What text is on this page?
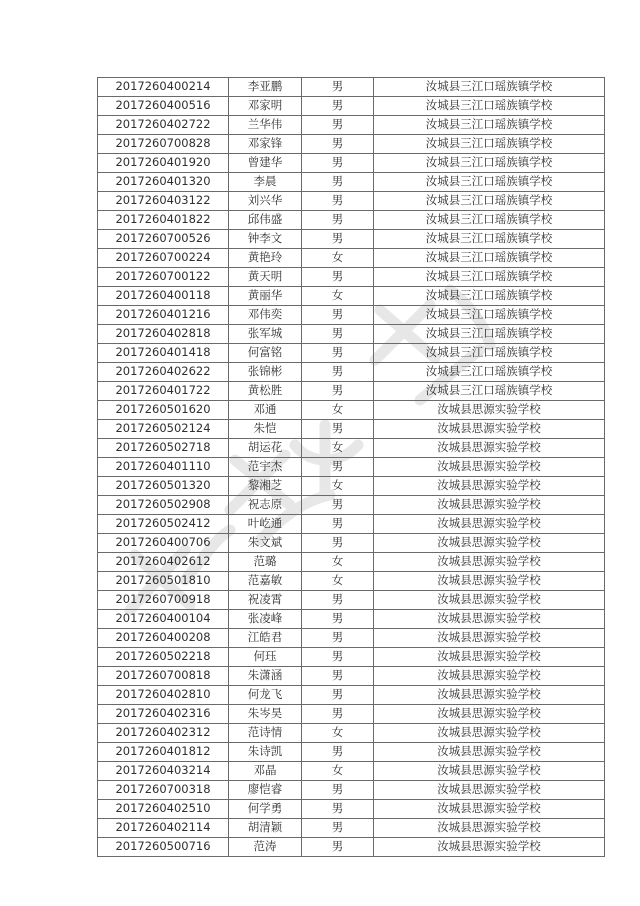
2017260400214	李亚鹏	男	汝城县三江口瑶族镇学校
2017260400516	邓家明	男	汝城县三江口瑶族镇学校
2017260402722	兰华伟	男	汝城县三江口瑶族镇学校
2017260700828	邓家锋	男	汝城县三江口瑶族镇学校
2017260401920	曾建华	男	汝城县三江口瑶族镇学校
2017260401320	李晨	男	汝城县三江口瑶族镇学校
2017260403122	刘兴华	男	汝城县三江口瑶族镇学校
2017260401822	邱伟盛	男	汝城县三江口瑶族镇学校
2017260700526	钟李文	男	汝城县三江口瑶族镇学校
2017260700224	黄艳玲	女	汝城县三江口瑶族镇学校
2017260700122	黄天明	男	汝城县三江口瑶族镇学校
2017260400118	黄丽华	女	汝城县三江口瑶族镇学校
2017260401216	邓伟奕	男	汝城县三江口瑶族镇学校
2017260402818	张军城	男	汝城县三江口瑶族镇学校
2017260401418	何富铭	男	汝城县三江口瑶族镇学校
2017260402622	张锦彬	男	汝城县三江口瑶族镇学校
2017260401722	黄松胜	男	汝城县三江口瑶族镇学校
2017260501620	邓通	女	汝城县思源实验学校
2017260502124	朱恺	男	汝城县思源实验学校
2017260502718	胡运花	女	汝城县思源实验学校
2017260401110	范宇杰	男	汝城县思源实验学校
2017260501320	黎湘芝	女	汝城县思源实验学校
2017260502908	祝志原	男	汝城县思源实验学校
2017260502412	叶屹通	男	汝城县思源实验学校
2017260400706	朱文斌	男	汝城县思源实验学校
2017260402612	范璐	女	汝城县思源实验学校
2017260501810	范嘉敏	女	汝城县思源实验学校
2017260700918	祝凌霄	男	汝城县思源实验学校
2017260400104	张凌峰	男	汝城县思源实验学校
2017260400208	江皓君	男	汝城县思源实验学校
2017260502218	何珏	男	汝城县思源实验学校
2017260700818	朱潇涵	男	汝城县思源实验学校
2017260402810	何龙飞	男	汝城县思源实验学校
2017260402316	朱岑昊	男	汝城县思源实验学校
2017260402312	范诗情	女	汝城县思源实验学校
2017260401812	朱诗凯	男	汝城县思源实验学校
2017260403214	邓晶	女	汝城县思源实验学校
2017260700318	廖恺睿	男	汝城县思源实验学校
2017260402510	何学勇	男	汝城县思源实验学校
2017260402114	胡清颖	男	汝城县思源实验学校
2017260500716	范涛	男	汝城县思源实验学校
